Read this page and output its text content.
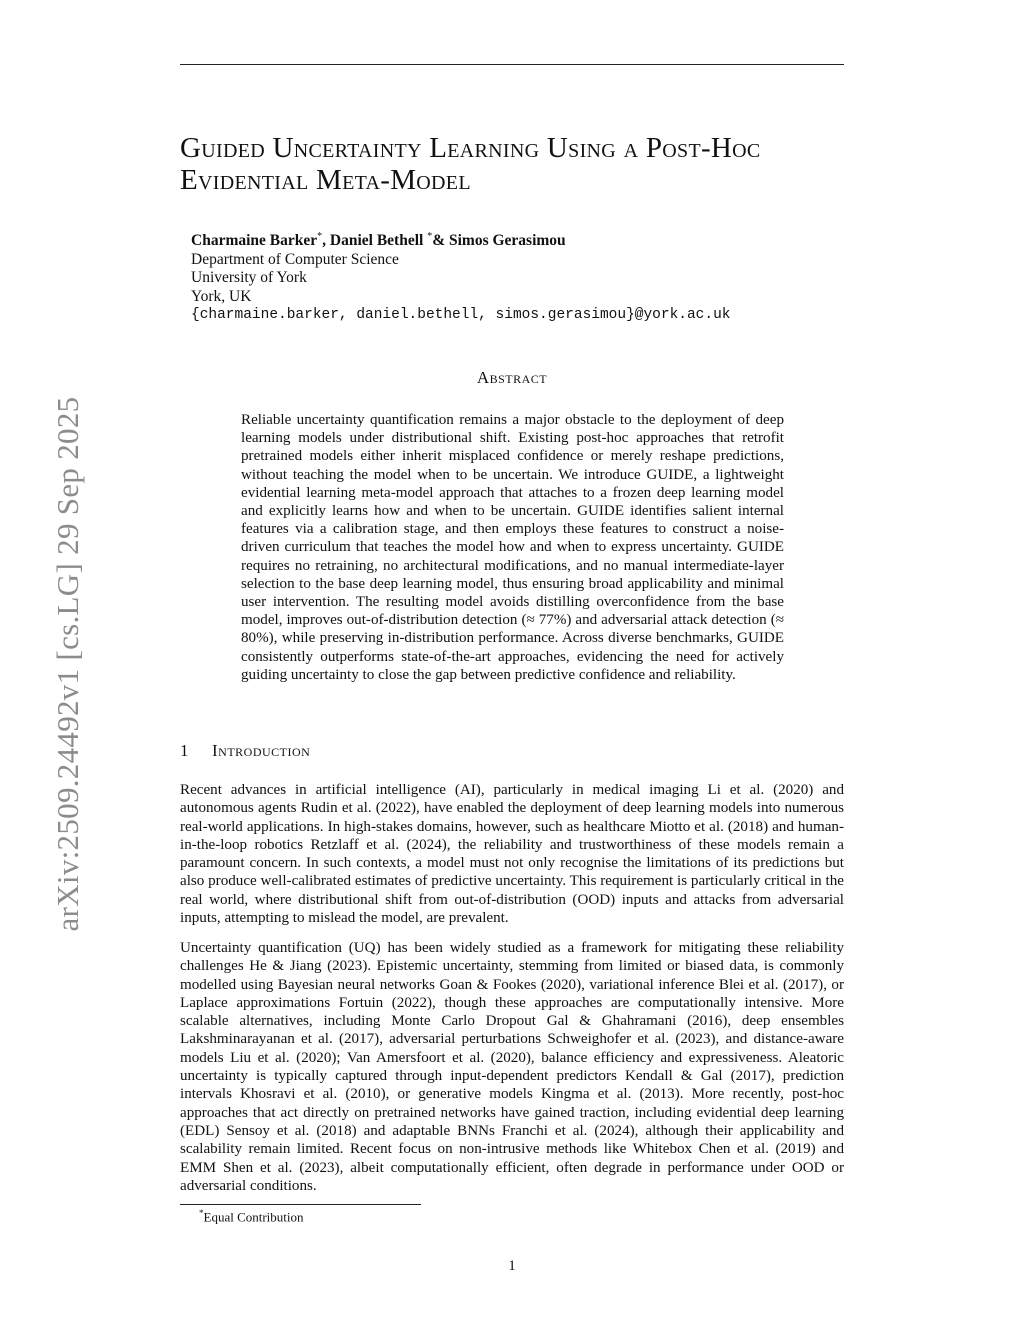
arXiv:2509.24492v1 [cs.LG] 29 Sep 2025
Guided Uncertainty Learning Using a Post-Hoc Evidential Meta-Model
Charmaine Barker*, Daniel Bethell *& Simos Gerasimou
Department of Computer Science
University of York
York, UK
{charmaine.barker, daniel.bethell, simos.gerasimou}@york.ac.uk
Abstract

Reliable uncertainty quantification remains a major obstacle to the deployment of deep learning models under distributional shift. Existing post-hoc approaches that retrofit pretrained models either inherit misplaced confidence or merely reshape predictions, without teaching the model when to be uncertain. We introduce GUIDE, a lightweight evidential learning meta-model approach that attaches to a frozen deep learning model and explicitly learns how and when to be uncertain. GUIDE identifies salient internal features via a calibration stage, and then employs these features to construct a noise-driven curriculum that teaches the model how and when to express uncertainty. GUIDE requires no retraining, no architectural modifications, and no manual intermediate-layer selection to the base deep learning model, thus ensuring broad applicability and minimal user intervention. The resulting model avoids distilling overconfidence from the base model, improves out-of-distribution detection (≈ 77%) and adversarial attack detection (≈ 80%), while preserving in-distribution performance. Across diverse benchmarks, GUIDE consistently outperforms state-of-the-art approaches, evidencing the need for actively guiding uncertainty to close the gap between predictive confidence and reliability.

1 Introduction

Recent advances in artificial intelligence (AI), particularly in medical imaging Li et al. (2020) and autonomous agents Rudin et al. (2022), have enabled the deployment of deep learning models into numerous real-world applications. In high-stakes domains, however, such as healthcare Miotto et al. (2018) and human-in-the-loop robotics Retzlaff et al. (2024), the reliability and trustworthiness of these models remain a paramount concern. In such contexts, a model must not only recognise the limitations of its predictions but also produce well-calibrated estimates of predictive uncertainty. This requirement is particularly critical in the real world, where distributional shift from out-of-distribution (OOD) inputs and attacks from adversarial inputs, attempting to mislead the model, are prevalent.

Uncertainty quantification (UQ) has been widely studied as a framework for mitigating these reliability challenges He & Jiang (2023). Epistemic uncertainty, stemming from limited or biased data, is commonly modelled using Bayesian neural networks Goan & Fookes (2020), variational inference Blei et al. (2017), or Laplace approximations Fortuin (2022), though these approaches are computationally intensive. More scalable alternatives, including Monte Carlo Dropout Gal & Ghahramani (2016), deep ensembles Lakshminarayanan et al. (2017), adversarial perturbations Schweighofer et al. (2023), and distance-aware models Liu et al. (2020); Van Amersfoort et al. (2020), balance efficiency and expressiveness. Aleatoric uncertainty is typically captured through input-dependent predictors Kendall & Gal (2017), prediction intervals Khosravi et al. (2010), or generative models Kingma et al. (2013). More recently, post-hoc approaches that act directly on pretrained networks have gained traction, including evidential deep learning (EDL) Sensoy et al. (2018) and adaptable BNNs Franchi et al. (2024), although their applicability and scalability remain limited. Recent focus on non-intrusive methods like Whitebox Chen et al. (2019) and EMM Shen et al. (2023), albeit computationally efficient, often degrade in performance under OOD or adversarial conditions.

*Equal Contribution
1
